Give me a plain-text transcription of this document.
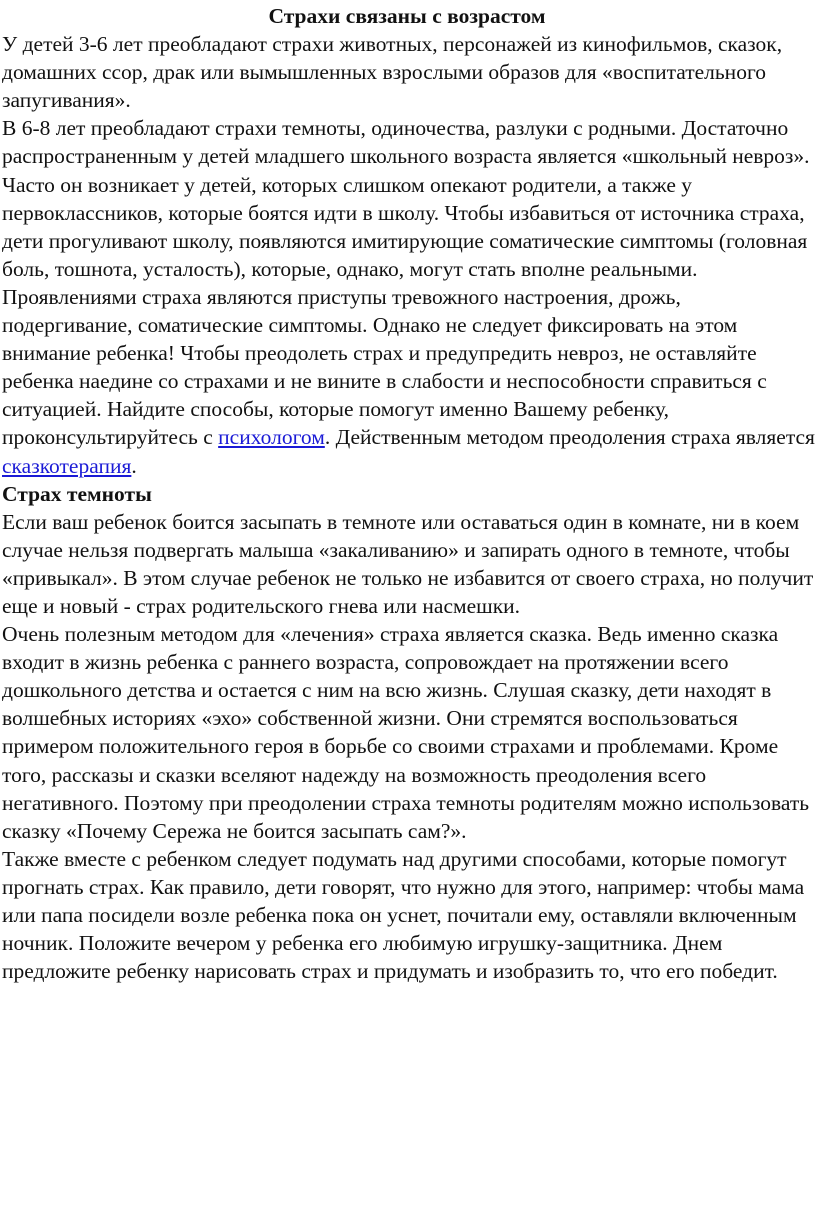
Страхи связаны с возрастом

У детей 3-6 лет преобладают страхи животных, персонажей из кинофильмов, сказок, домашних ссор, драк или вымышленных взрослыми образов для «воспитательного запугивания».

В 6-8 лет преобладают страхи темноты, одиночества, разлуки с родными. Достаточно распространенным у детей младшего школьного возраста является «школьный невроз». Часто он возникает у детей, которых слишком опекают родители, а также у первоклассников, которые боятся идти в школу. Чтобы избавиться от источника страха, дети прогуливают школу, появляются имитирующие соматические симптомы (головная боль, тошнота, усталость), которые, однако, могут стать вполне реальными.

Проявлениями страха являются приступы тревожного настроения, дрожь, подергивание, соматические симптомы. Однако не следует фиксировать на этом внимание ребенка! Чтобы преодолеть страх и предупредить невроз, не оставляйте ребенка наедине со страхами и не вините в слабости и неспособности справиться с ситуацией. Найдите способы, которые помогут именно Вашему ребенку, проконсультируйтесь с психологом. Действенным методом преодоления страха является сказкотерапия.

Страх темноты

Если ваш ребенок боится засыпать в темноте или оставаться один в комнате, ни в коем случае нельзя подвергать малыша «закаливанию» и запирать одного в темноте, чтобы «привыкал». В этом случае ребенок не только не избавится от своего страха, но получит еще и новый - страх родительского гнева или насмешки.

Очень полезным методом для «лечения» страха является сказка. Ведь именно сказка входит в жизнь ребенка с раннего возраста, сопровождает на протяжении всего дошкольного детства и остается с ним на всю жизнь. Слушая сказку, дети находят в волшебных историях «эхо» собственной жизни. Они стремятся воспользоваться примером положительного героя в борьбе со своими страхами и проблемами. Кроме того, рассказы и сказки вселяют надежду на возможность преодоления всего негативного. Поэтому при преодолении страха темноты родителям можно использовать сказку «Почему Сережа не боится засыпать сам?».

Также вместе с ребенком следует подумать над другими способами, которые помогут прогнать страх. Как правило, дети говорят, что нужно для этого, например: чтобы мама или папа посидели возле ребенка пока он уснет, почитали ему, оставляли включенным ночник. Положите вечером у ребенка его любимую игрушку-защитника. Днем предложите ребенку нарисовать страх и придумать и изобразить то, что его победит.
